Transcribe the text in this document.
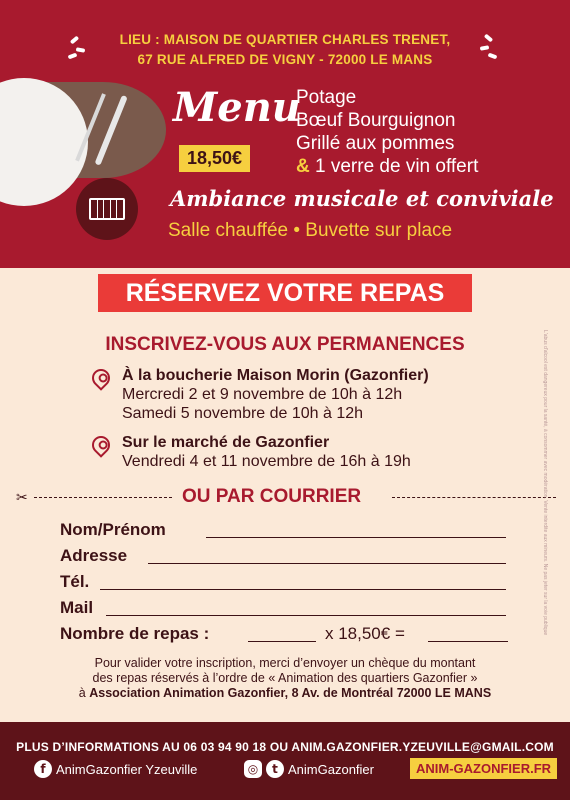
LIEU : MAISON DE QUARTIER CHARLES TRENET,
67 RUE ALFRED DE VIGNY - 72000 LE MANS
Menu
18,50€
Potage
Bœuf Bourguignon
Grillé aux pommes
& 1 verre de vin offert
Ambiance musicale et conviviale
Salle chauffée • Buvette sur place
RÉSERVEZ VOTRE REPAS
INSCRIVEZ-VOUS AUX PERMANENCES
À la boucherie Maison Morin (Gazonfier)
Mercredi 2 et 9 novembre de 10h à 12h
Samedi 5 novembre de 10h à 12h
Sur le marché de Gazonfier
Vendredi 4 et 11 novembre de 16h à 19h
✂	OU PAR COURRIER
Nom/Prénom
Adresse
Tél.
Mail
Nombre de repas :	x 18,50€ =
Pour valider votre inscription, merci d’envoyer un chèque du montant
des repas réservés à l’ordre de « Animation des quartiers Gazonfier »
à Association Animation Gazonfier, 8 Av. de Montréal 72000 LE MANS
L'abus d'alcool est dangereux pour la santé, à consommer avec modération. Vente interdite aux mineurs. Ne pas jeter sur la voie publique
PLUS D’INFORMATIONS AU 06 03 94 90 18 OU ANIM.GAZONFIER.YZEUVILLE@GMAIL.COM
f AnimGazonfier Yzeuville	◎	t AnimGazonfier	ANIM-GAZONFIER.FR
